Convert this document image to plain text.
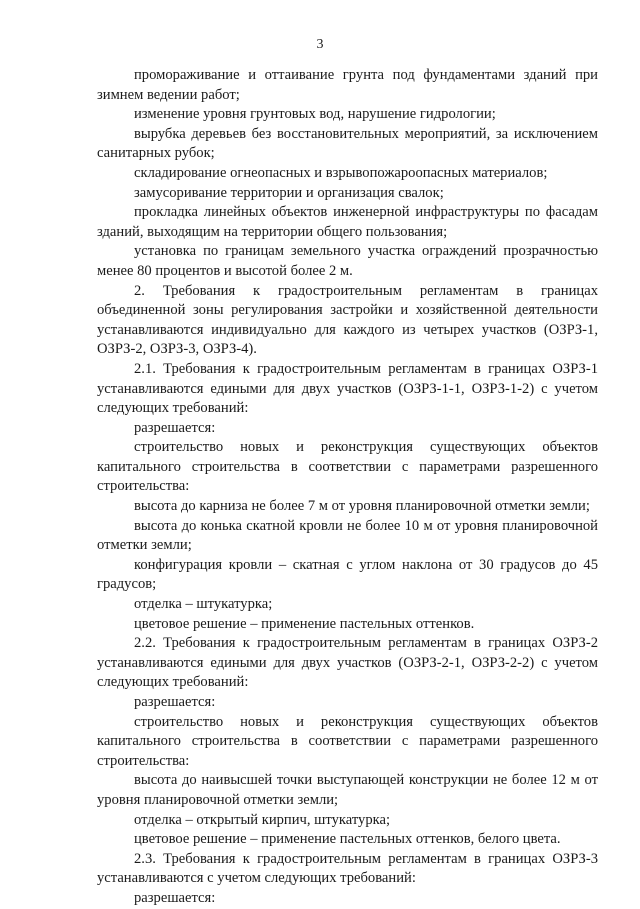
3

промораживание и оттаивание грунта под фундаментами зданий при зимнем ведении работ;

изменение уровня грунтовых вод, нарушение гидрологии;

вырубка деревьев без восстановительных мероприятий, за исключением санитарных рубок;

складирование огнеопасных и взрывопожароопасных материалов;

замусоривание территории и организация свалок;

прокладка линейных объектов инженерной инфраструктуры по фасадам зданий, выходящим на территории общего пользования;

установка по границам земельного участка ограждений прозрачностью менее 80 процентов и высотой более 2 м.

2. Требования к градостроительным регламентам в границах объединенной зоны регулирования застройки и хозяйственной деятельности устанавливаются индивидуально для каждого из четырех участков (ОЗРЗ-1, ОЗРЗ-2, ОЗРЗ-3, ОЗРЗ-4).

2.1. Требования к градостроительным регламентам в границах ОЗРЗ-1 устанавливаются едиными для двух участков (ОЗРЗ-1-1, ОЗРЗ-1-2) с учетом следующих требований:

разрешается:

строительство новых и реконструкция существующих объектов капитального строительства в соответствии с параметрами разрешенного строительства:

высота до карниза не более 7 м от уровня планировочной отметки земли;

высота до конька скатной кровли не более 10 м от уровня планировочной отметки земли;

конфигурация кровли – скатная с углом наклона от 30 градусов до 45 градусов;

отделка – штукатурка;

цветовое решение – применение пастельных оттенков.

2.2. Требования к градостроительным регламентам в границах ОЗРЗ-2 устанавливаются едиными для двух участков (ОЗРЗ-2-1, ОЗРЗ-2-2) с учетом следующих требований:

разрешается:

строительство новых и реконструкция существующих объектов капитального строительства в соответствии с параметрами разрешенного строительства:

высота до наивысшей точки выступающей конструкции не более 12 м от уровня планировочной отметки земли;

отделка – открытый кирпич, штукатурка;

цветовое решение – применение пастельных оттенков, белого цвета.

2.3. Требования к градостроительным регламентам в границах ОЗРЗ-3 устанавливаются с учетом следующих требований:

разрешается:
